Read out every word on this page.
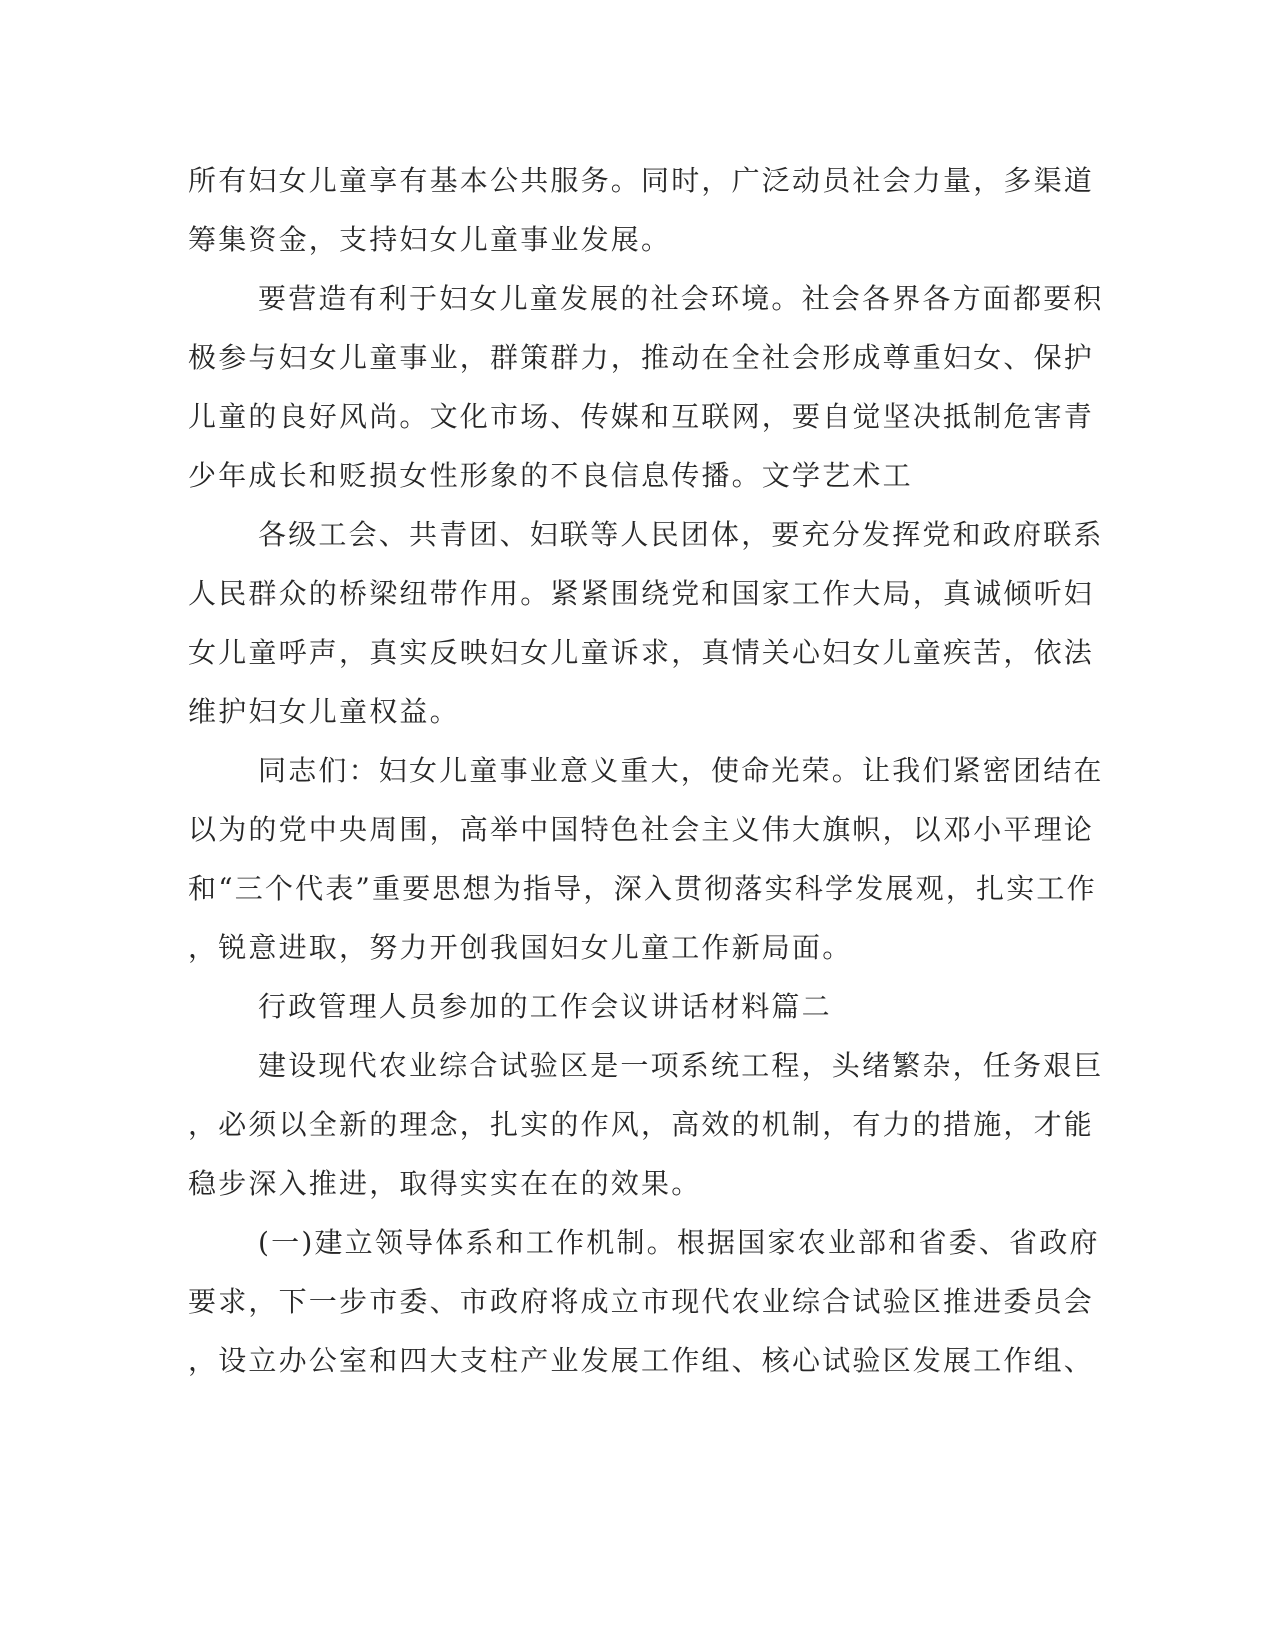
所有妇女儿童享有基本公共服务。同时，广泛动员社会力量，多渠道
筹集资金，支持妇女儿童事业发展。
要营造有利于妇女儿童发展的社会环境。社会各界各方面都要积
极参与妇女儿童事业，群策群力，推动在全社会形成尊重妇女、保护
儿童的良好风尚。文化市场、传媒和互联网，要自觉坚决抵制危害青
少年成长和贬损女性形象的不良信息传播。文学艺术工
各级工会、共青团、妇联等人民团体，要充分发挥党和政府联系
人民群众的桥梁纽带作用。紧紧围绕党和国家工作大局，真诚倾听妇
女儿童呼声，真实反映妇女儿童诉求，真情关心妇女儿童疾苦，依法
维护妇女儿童权益。
同志们：妇女儿童事业意义重大，使命光荣。让我们紧密团结在
以为的党中央周围，高举中国特色社会主义伟大旗帜，以邓小平理论
和“三个代表”重要思想为指导，深入贯彻落实科学发展观，扎实工作
，锐意进取，努力开创我国妇女儿童工作新局面。
行政管理人员参加的工作会议讲话材料篇二
建设现代农业综合试验区是一项系统工程，头绪繁杂，任务艰巨
，必须以全新的理念，扎实的作风，高效的机制，有力的措施，才能
稳步深入推进，取得实实在在的效果。
(一)建立领导体系和工作机制。根据国家农业部和省委、省政府
要求，下一步市委、市政府将成立市现代农业综合试验区推进委员会
，设立办公室和四大支柱产业发展工作组、核心试验区发展工作组、
